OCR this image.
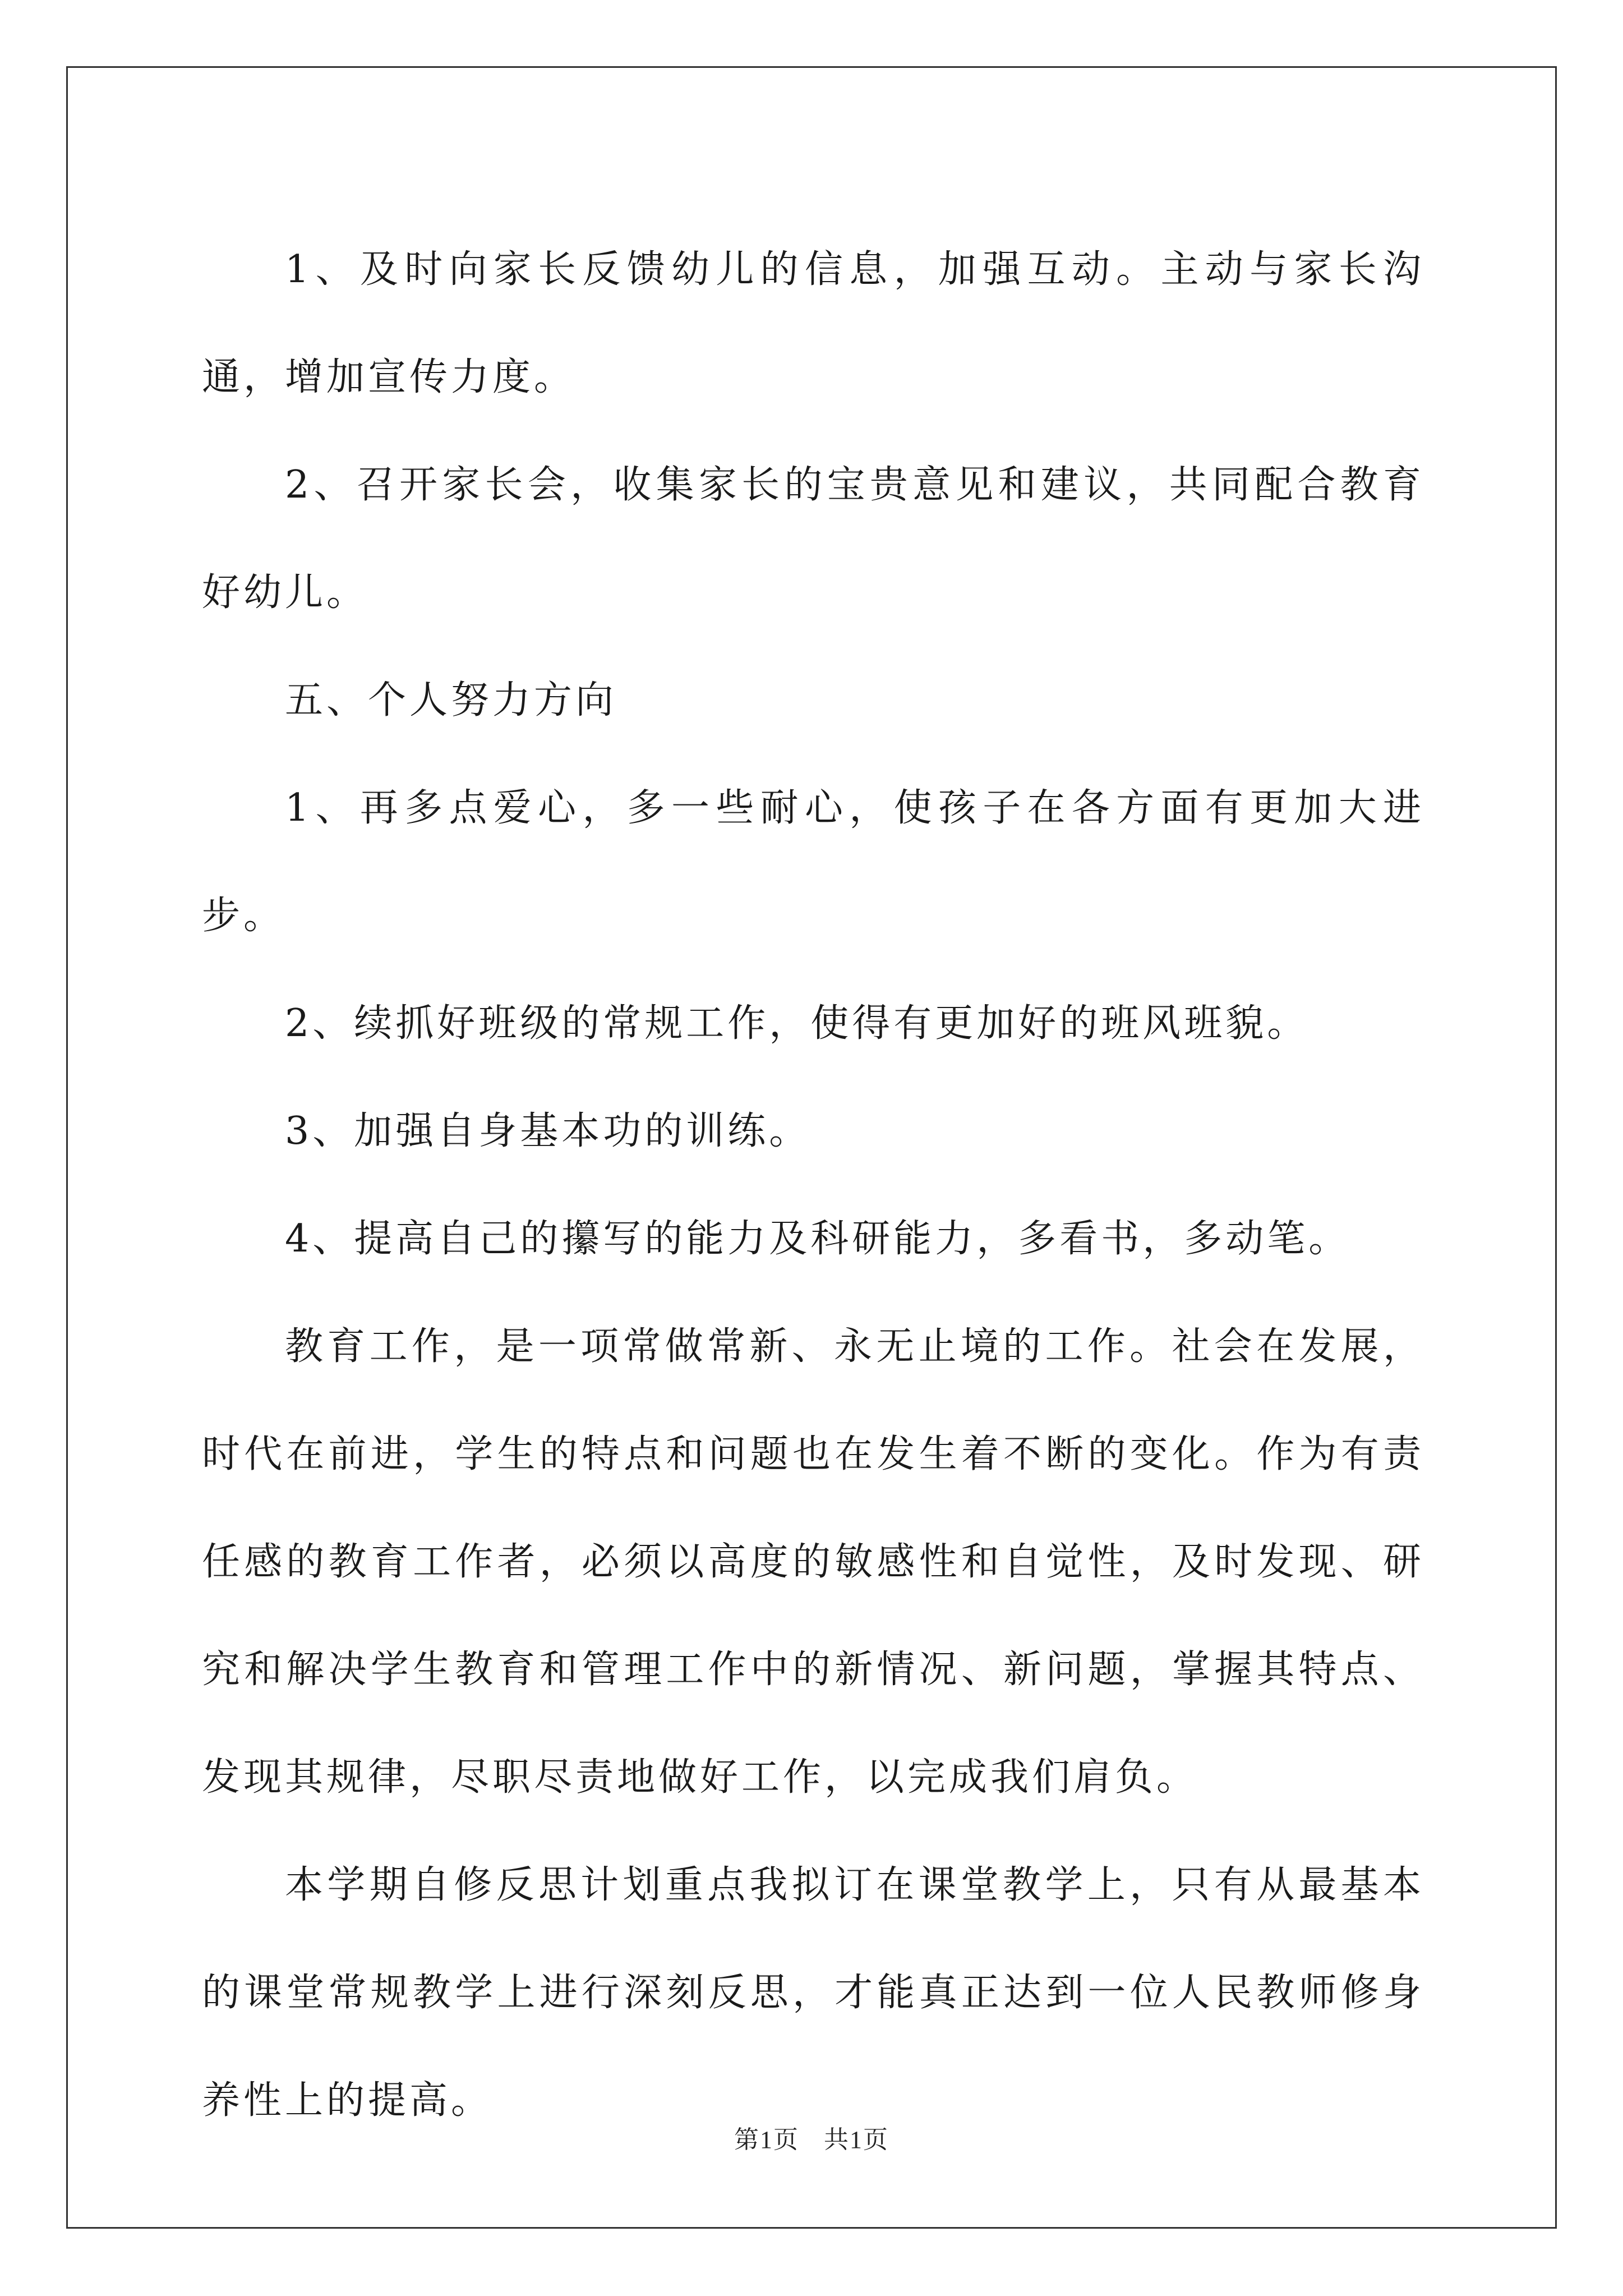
1、及时向家长反馈幼儿的信息，加强互动。主动与家长沟通，增加宣传力度。

2、召开家长会，收集家长的宝贵意见和建议，共同配合教育好幼儿。

五、个人努力方向

1、再多点爱心，多一些耐心，使孩子在各方面有更加大进步。

2、续抓好班级的常规工作，使得有更加好的班风班貌。

3、加强自身基本功的训练。

4、提高自己的攥写的能力及科研能力，多看书，多动笔。

教育工作，是一项常做常新、永无止境的工作。社会在发展，时代在前进，学生的特点和问题也在发生着不断的变化。作为有责任感的教育工作者，必须以高度的敏感性和自觉性，及时发现、研究和解决学生教育和管理工作中的新情况、新问题，掌握其特点、发现其规律，尽职尽责地做好工作，以完成我们肩负。

本学期自修反思计划重点我拟订在课堂教学上，只有从最基本的课堂常规教学上进行深刻反思，才能真正达到一位人民教师修身养性上的提高。

第1页 共1页
